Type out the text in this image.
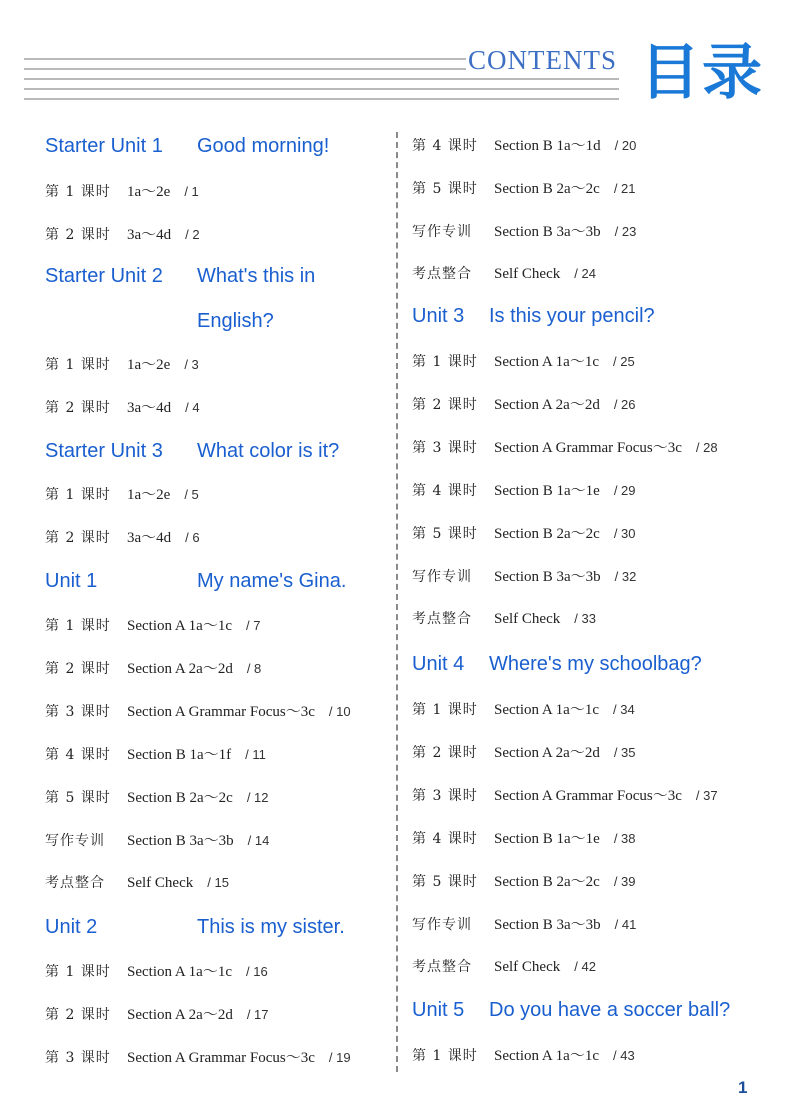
CONTENTS 目录
Starter Unit 1 Good morning!
第 1 课时 1a～2e / 1
第 2 课时 3a～4d / 2
Starter Unit 2 What's this in
English?
第 1 课时 1a～2e / 3
第 2 课时 3a～4d / 4
Starter Unit 3 What color is it?
第 1 课时 1a～2e / 5
第 2 课时 3a～4d / 6
Unit 1	My name's Gina.
第 1 课时 Section A 1a～1c / 7
第 2 课时 Section A 2a～2d / 8
第 3 课时 Section A Grammar Focus～3c / 10
第 4 课时 Section B 1a～1f / 11
第 5 课时 Section B 2a～2c / 12
写作专训 Section B 3a～3b / 14
考点整合 Self Check / 15
Unit 2	This is my sister.
第 1 课时 Section A 1a～1c / 16
第 2 课时 Section A 2a～2d / 17
第 3 课时 Section A Grammar Focus～3c / 19
第 4 课时 Section B 1a～1d / 20
第 5 课时 Section B 2a～2c / 21
写作专训 Section B 3a～3b / 23
考点整合 Self Check / 24
Unit 3 Is this your pencil?
第 1 课时 Section A 1a～1c / 25
第 2 课时 Section A 2a～2d / 26
第 3 课时 Section A Grammar Focus～3c / 28
第 4 课时 Section B 1a～1e / 29
第 5 课时 Section B 2a～2c / 30
写作专训 Section B 3a～3b / 32
考点整合 Self Check / 33
Unit 4 Where's my schoolbag?
第 1 课时 Section A 1a～1c / 34
第 2 课时 Section A 2a～2d / 35
第 3 课时 Section A Grammar Focus～3c / 37
第 4 课时 Section B 1a～1e / 38
第 5 课时 Section B 2a～2c / 39
写作专训 Section B 3a～3b / 41
考点整合 Self Check / 42
Unit 5 Do you have a soccer ball?
第 1 课时 Section A 1a～1c / 43
1
